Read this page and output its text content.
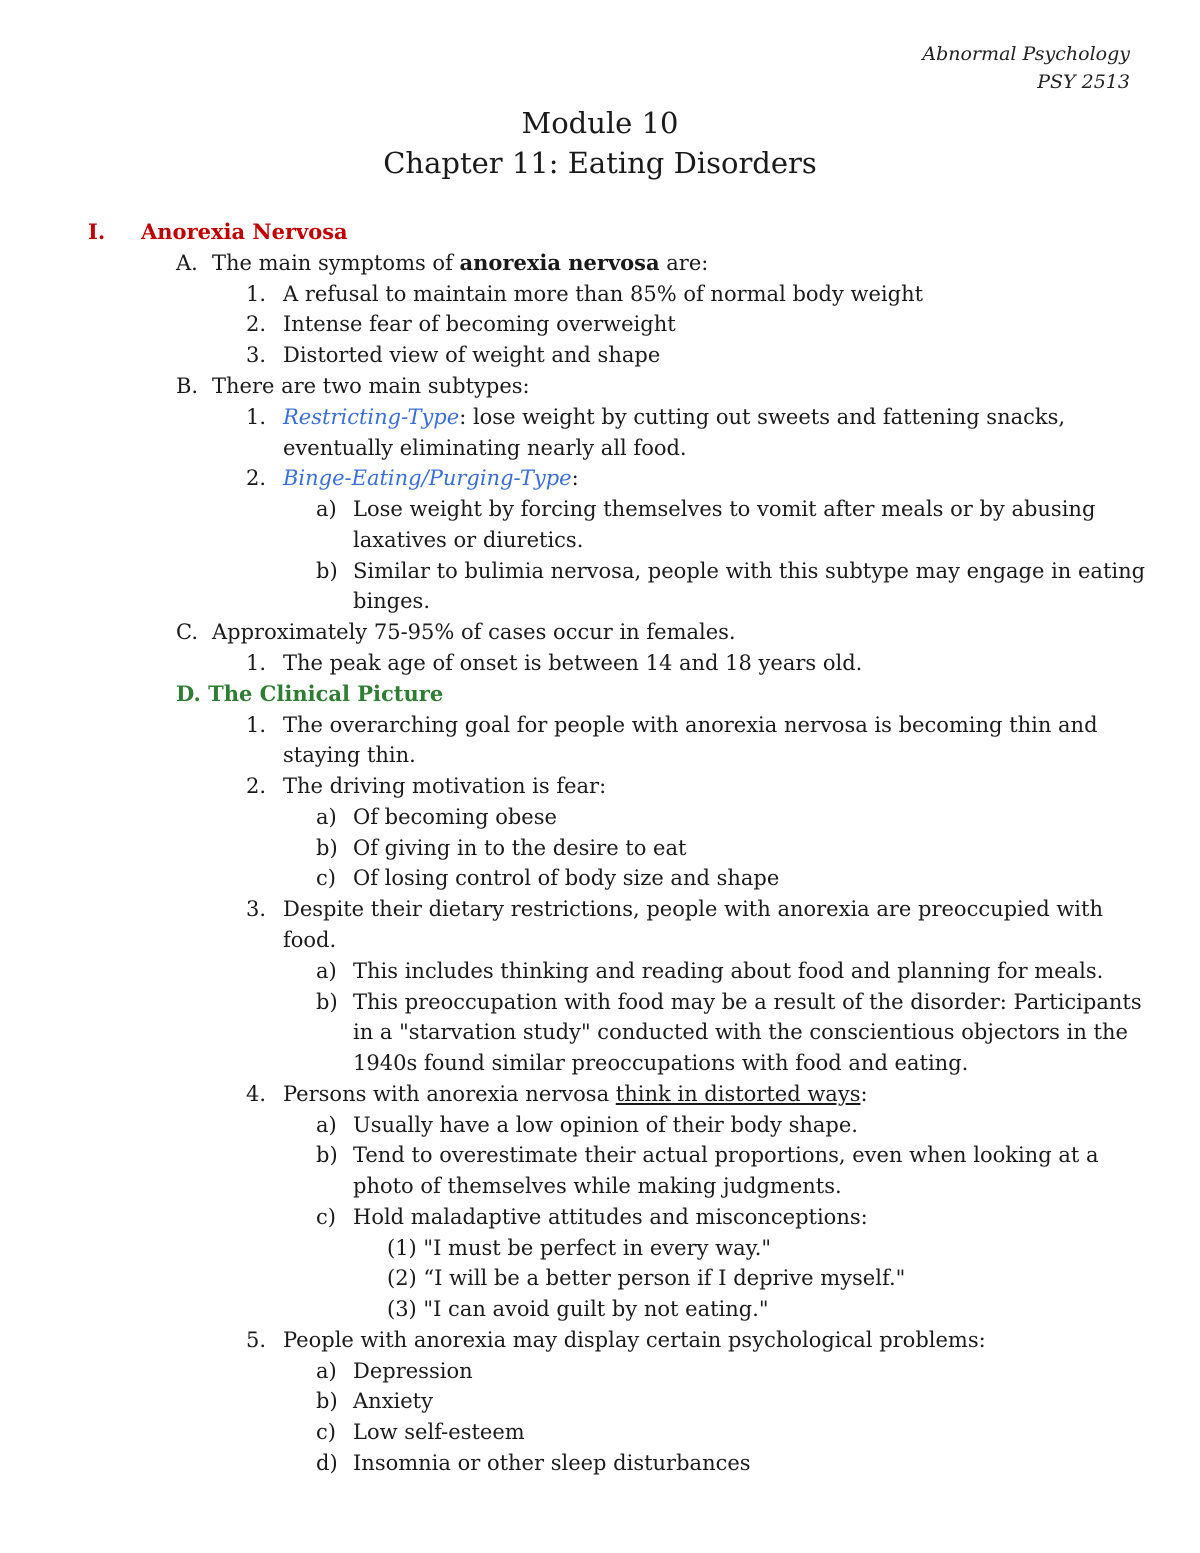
Abnormal Psychology
PSY 2513
Module 10
Chapter 11: Eating Disorders
I. Anorexia Nervosa
A. The main symptoms of anorexia nervosa are:
1. A refusal to maintain more than 85% of normal body weight
2. Intense fear of becoming overweight
3. Distorted view of weight and shape
B. There are two main subtypes:
1. Restricting-Type: lose weight by cutting out sweets and fattening snacks,
eventually eliminating nearly all food.
2. Binge-Eating/Purging-Type:
a) Lose weight by forcing themselves to vomit after meals or by abusing
laxatives or diuretics.
b) Similar to bulimia nervosa, people with this subtype may engage in eating
binges.
C. Approximately 75-95% of cases occur in females.
1. The peak age of onset is between 14 and 18 years old.
D. The Clinical Picture
1. The overarching goal for people with anorexia nervosa is becoming thin and
staying thin.
2. The driving motivation is fear:
a) Of becoming obese
b) Of giving in to the desire to eat
c) Of losing control of body size and shape
3. Despite their dietary restrictions, people with anorexia are preoccupied with
food.
a) This includes thinking and reading about food and planning for meals.
b) This preoccupation with food may be a result of the disorder: Participants
in a "starvation study" conducted with the conscientious objectors in the
1940s found similar preoccupations with food and eating.
4. Persons with anorexia nervosa think in distorted ways:
a) Usually have a low opinion of their body shape.
b) Tend to overestimate their actual proportions, even when looking at a
photo of themselves while making judgments.
c) Hold maladaptive attitudes and misconceptions:
(1) "I must be perfect in every way."
(2) “I will be a better person if I deprive myself."
(3) "I can avoid guilt by not eating."
5. People with anorexia may display certain psychological problems:
a) Depression
b) Anxiety
c) Low self-esteem
d) Insomnia or other sleep disturbances
